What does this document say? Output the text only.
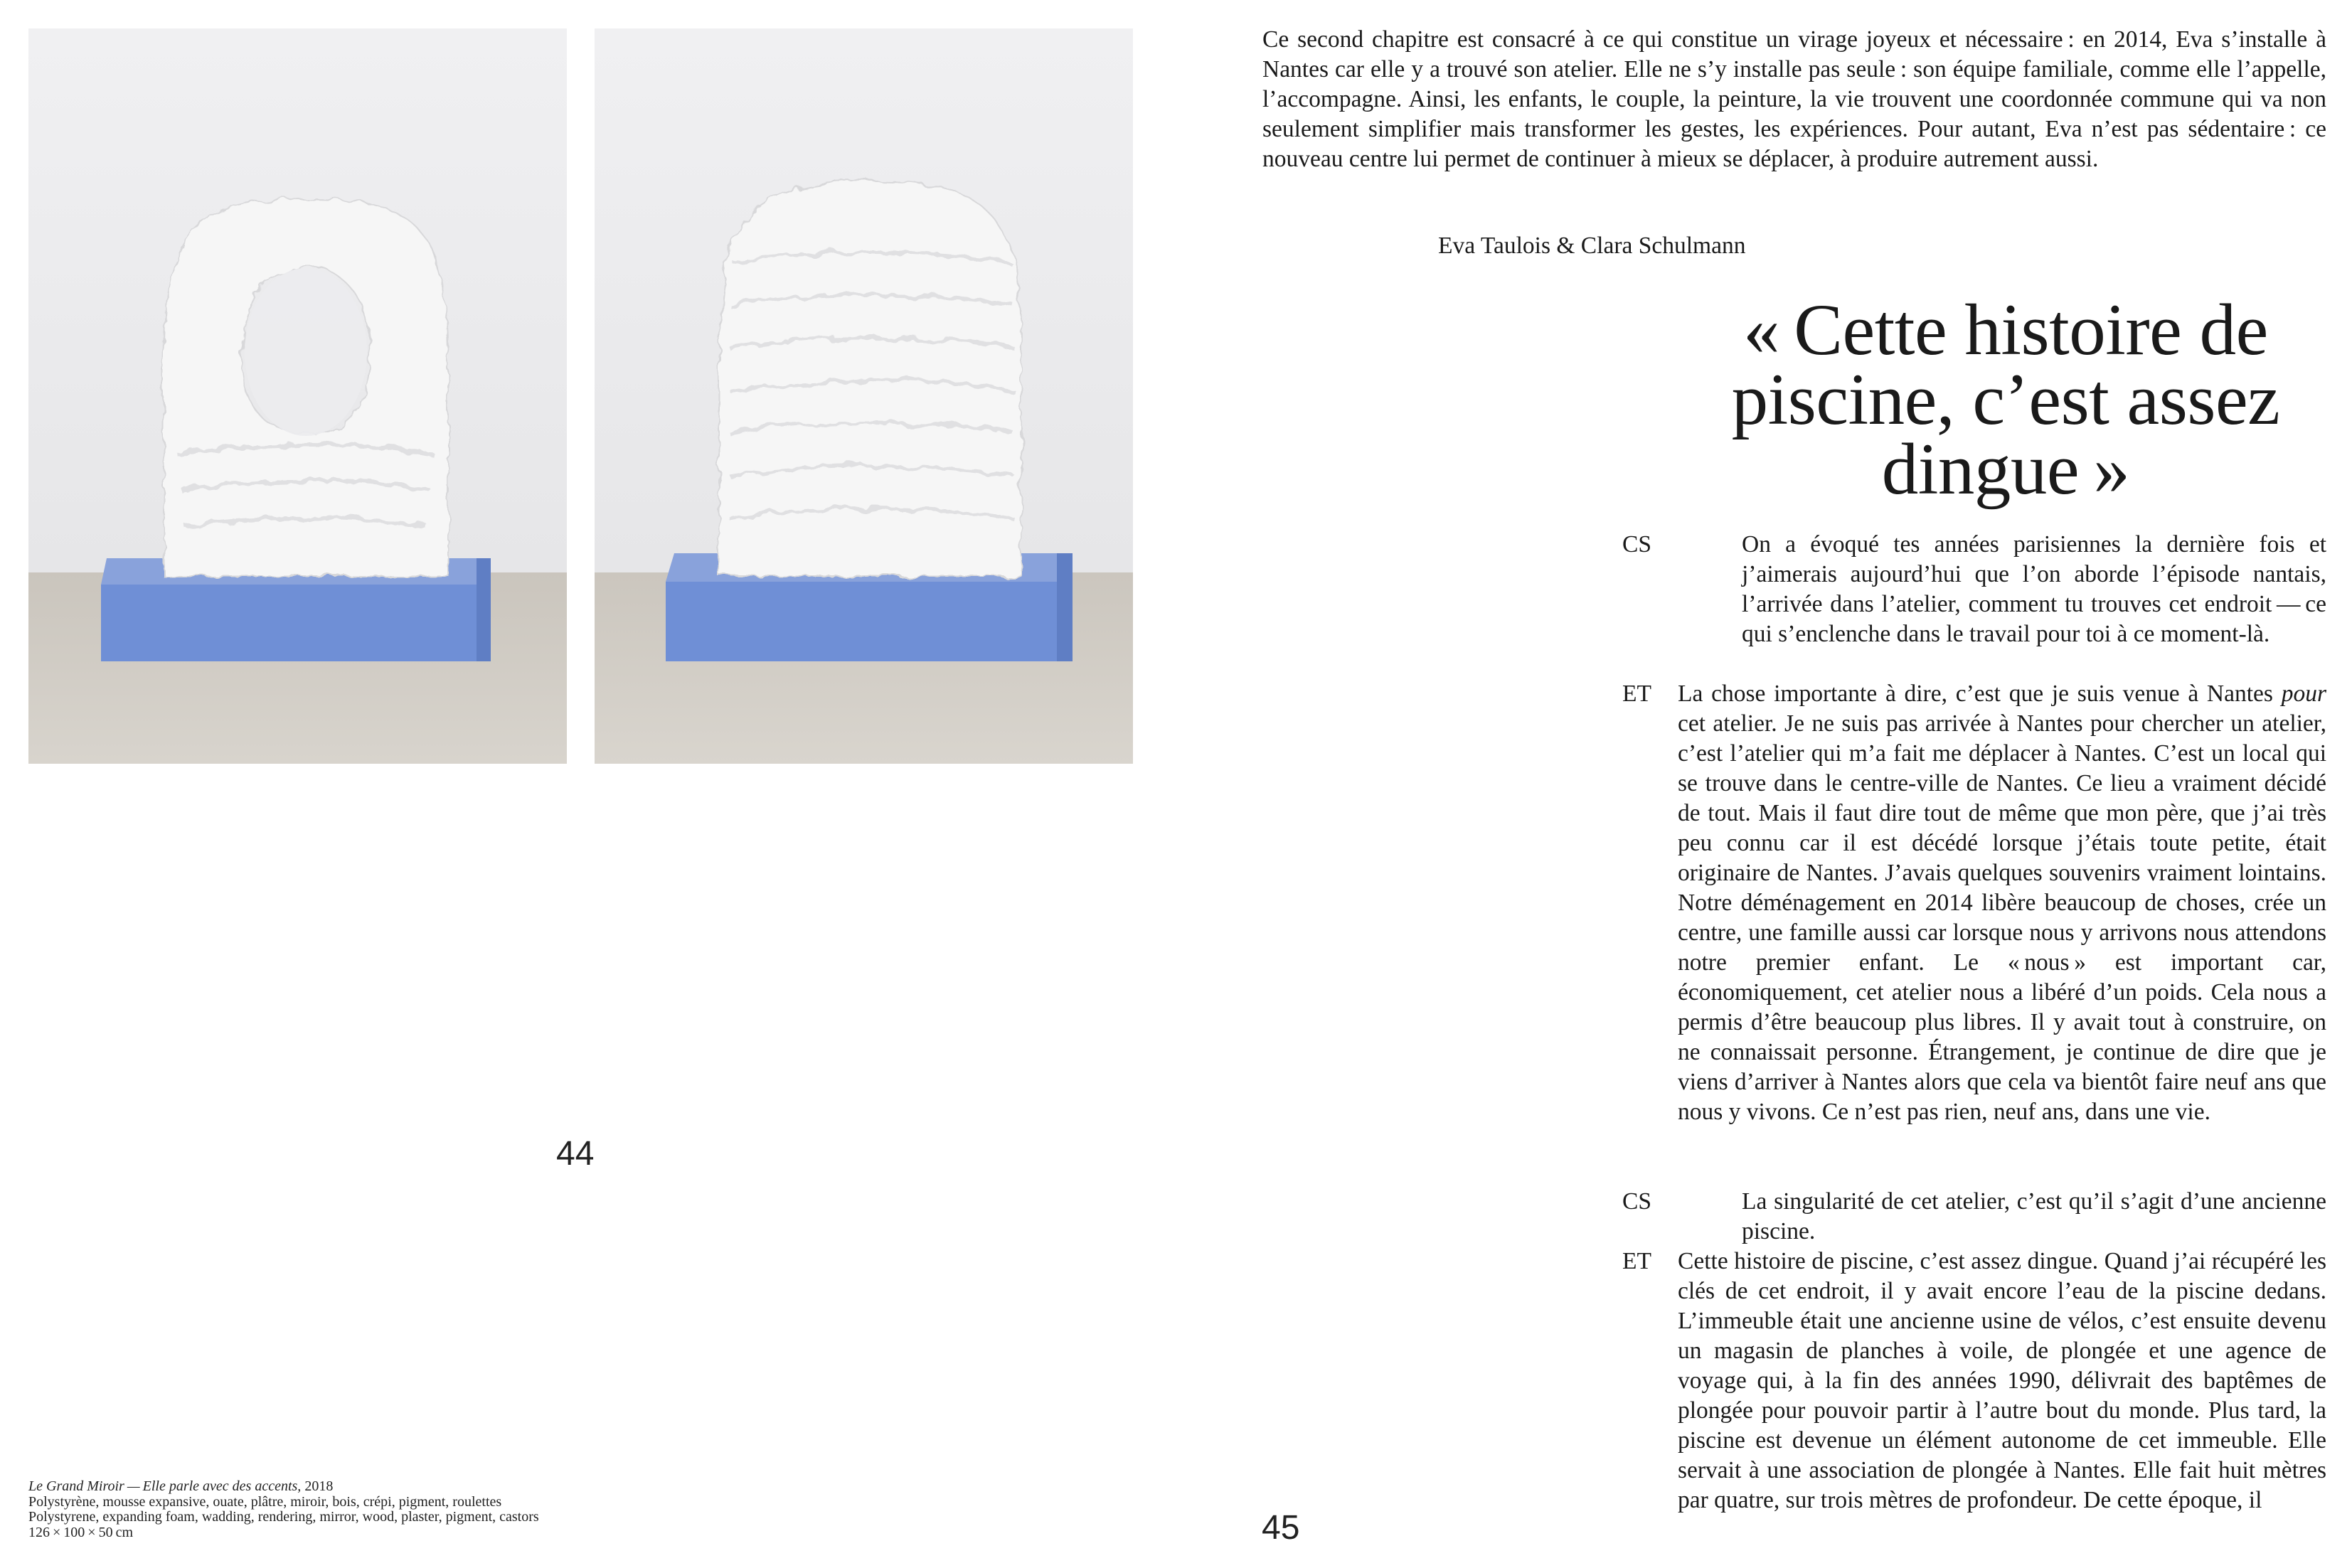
44
Le Grand Miroir — Elle parle avec des accents, 2018
Polystyrène, mousse expansive, ouate, plâtre, miroir, bois, crépi, pigment, roulettes
Polystyrene, expanding foam, wadding, rendering, mirror, wood, plaster, pigment, castors
126 × 100 × 50 cm

Ce second chapitre est consacré à ce qui constitue un virage joyeux et nécessaire : en 2014, Eva s’installe à Nantes car elle y a trouvé son atelier. Elle ne s’y installe pas seule : son équipe familiale, comme elle l’appelle, l’accompagne. Ainsi, les enfants, le couple, la peinture, la vie trouvent une coordonnée commune qui va non seulement simplifier mais transformer les gestes, les expériences. Pour autant, Eva n’est pas sédentaire : ce nouveau centre lui permet de continuer à mieux se déplacer, à produire autrement aussi.

Eva Taulois & Clara Schulmann
« Cette histoire de
piscine, c’est assez
dingue »
CS	On a évoqué tes années parisiennes la dernière fois et j’aimerais aujourd’hui que l’on aborde l’épisode nantais, l’arrivée dans l’atelier, comment tu trouves cet endroit — ce qui s’enclenche dans le travail pour toi à ce moment-là.
ET La chose importante à dire, c’est que je suis venue à Nantes pour cet atelier. Je ne suis pas arrivée à Nantes pour chercher un atelier, c’est l’atelier qui m’a fait me déplacer à Nantes. C’est un local qui se trouve dans le centre-ville de Nantes. Ce lieu a vraiment décidé de tout. Mais il faut dire tout de même que mon père, que j’ai très peu connu car il est décédé lorsque j’étais toute petite, était originaire de Nantes. J’avais quelques souvenirs vraiment lointains. Notre déménagement en 2014 libère beaucoup de choses, crée un centre, une famille aussi car lorsque nous y arrivons nous attendons notre premier enfant. Le « nous » est important car, économiquement, cet atelier nous a libéré d’un poids. Cela nous a permis d’être beaucoup plus libres. Il y avait tout à construire, on ne connaissait personne. Étrangement, je continue de dire que je viens d’arriver à Nantes alors que cela va bientôt faire neuf ans que nous y vivons. Ce n’est pas rien, neuf ans, dans une vie.
CS	La singularité de cet atelier, c’est qu’il s’agit d’une ancienne piscine.
ET Cette histoire de piscine, c’est assez dingue. Quand j’ai récupéré les clés de cet endroit, il y avait encore l’eau de la piscine dedans. L’immeuble était une ancienne usine de vélos, c’est ensuite devenu un magasin de planches à voile, de plongée et une agence de voyage qui, à la fin des années 1990, délivrait des baptêmes de plongée pour pouvoir partir à l’autre bout du monde. Plus tard, la piscine est devenue un élément autonome de cet immeuble. Elle servait à une association de plongée à Nantes. Elle fait huit mètres par quatre, sur trois mètres de profondeur. De cette époque, il
45
